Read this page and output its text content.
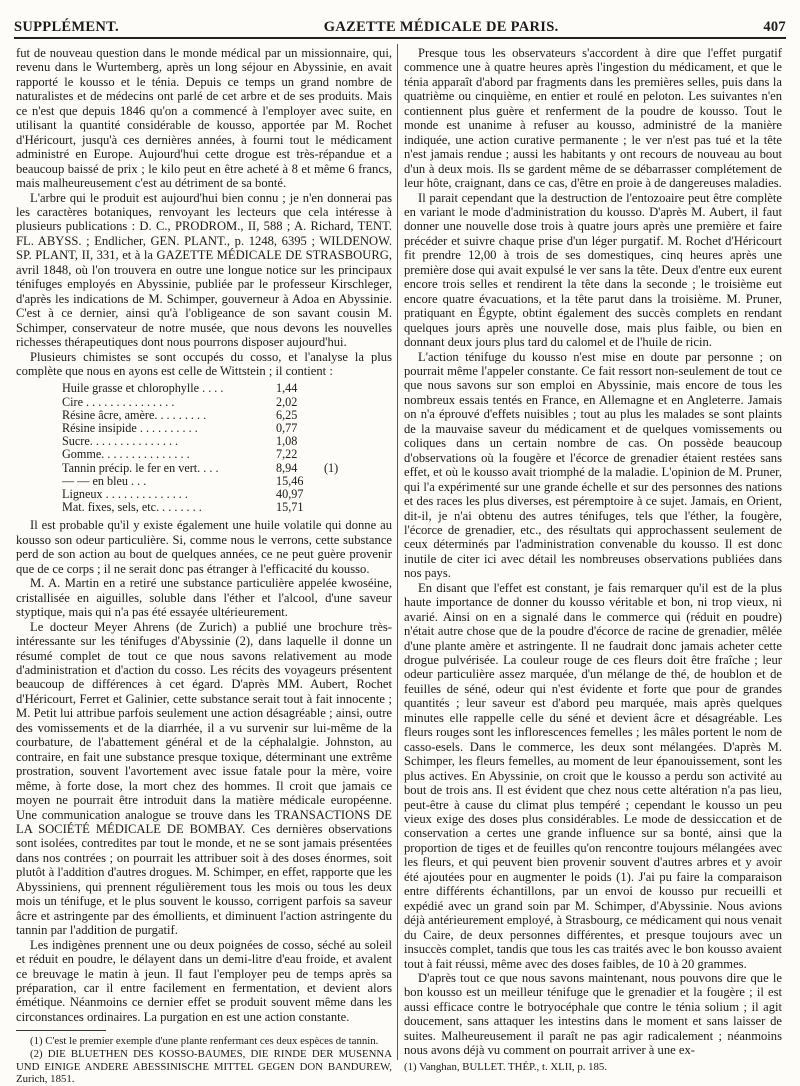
SUPPLÉMENT.	GAZETTE MÉDICALE DE PARIS.	407

fut de nouveau question dans le monde médical par un missionnaire, qui, revenu dans le Wurtemberg, après un long séjour en Abyssinie, en avait rapporté le kousso et le ténia. Depuis ce temps un grand nombre de naturalistes et de médecins ont parlé de cet arbre et de ses produits. Mais ce n'est que depuis 1846 qu'on a commencé à l'employer avec suite, en utilisant la quantité considérable de kousso, apportée par M. Rochet d'Héricourt, jusqu'à ces dernières années, à fourni tout le médicament administré en Europe. Aujourd'hui cette drogue est très-répandue et a beaucoup baissé de prix ; le kilo peut en être acheté à 8 et même 6 francs, mais malheureusement c'est au détriment de sa bonté.

L'arbre qui le produit est aujourd'hui bien connu ; je n'en donnerai pas les caractères botaniques, renvoyant les lecteurs que cela intéresse à plusieurs publications : D. C., PRODROM., II, 588 ; A. Richard, TENT. FL. ABYSS. ; Endlicher, GEN. PLANT., p. 1248, 6395 ; WILDENOW. SP. PLANT, II, 331, et à la GAZETTE MÉDICALE DE STRASBOURG, avril 1848, où l'on trouvera en outre une longue notice sur les principaux ténifuges employés en Abyssinie, publiée par le professeur Kirschleger, d'après les indications de M. Schimper, gouverneur à Adoa en Abyssinie. C'est à ce dernier, ainsi qu'à l'obligeance de son savant cousin M. Schimper, conservateur de notre musée, que nous devons les nouvelles richesses thérapeutiques dont nous pourrons disposer aujourd'hui.

Plusieurs chimistes se sont occupés du cosso, et l'analyse la plus complète que nous en ayons est celle de Wittstein ; il contient :

Huile grasse et chlorophylle . . . .	1,44	
Cire . . . . . . . . . . . . . . .	2,02	
Résine âcre, amère. . . . . . . . .	6,25	
Résine insipide . . . . . . . . . .	0,77	
Sucre. . . . . . . . . . . . . . .	1,08	
Gomme. . . . . . . . . . . . . . .	7,22	
Tannin précip. le fer en vert. . . .	8,94	(1)
— — en bleu . . .	15,46	
Ligneux . . . . . . . . . . . . . .	40,97	
Mat. fixes, sels, etc. . . . . . . .	15,71	

Il est probable qu'il y existe également une huile volatile qui donne au kousso son odeur particulière. Si, comme nous le verrons, cette substance perd de son action au bout de quelques années, ce ne peut guère provenir que de ce corps ; il ne serait donc pas étranger à l'efficacité du kousso.

M. A. Martin en a retiré une substance particulière appelée kwoséine, cristallisée en aiguilles, soluble dans l'éther et l'alcool, d'une saveur styptique, mais qui n'a pas été essayée ultérieurement.

Le docteur Meyer Ahrens (de Zurich) a publié une brochure très-intéressante sur les ténifuges d'Abyssinie (2), dans laquelle il donne un résumé complet de tout ce que nous savons relativement au mode d'administration et d'action du cosso. Les récits des voyageurs présentent beaucoup de différences à cet égard. D'après MM. Aubert, Rochet d'Héricourt, Ferret et Galinier, cette substance serait tout à fait innocente ; M. Petit lui attribue parfois seulement une action désagréable ; ainsi, outre des vomissements et de la diarrhée, il a vu survenir sur lui-même de la courbature, de l'abattement général et de la céphalalgie. Johnston, au contraire, en fait une substance presque toxique, déterminant une extrême prostration, souvent l'avortement avec issue fatale pour la mère, voire même, à forte dose, la mort chez des hommes. Il croit que jamais ce moyen ne pourrait être introduit dans la matière médicale européenne. Une communication analogue se trouve dans les TRANSACTIONS DE LA SOCIÉTÉ MÉDICALE DE BOMBAY. Ces dernières observations sont isolées, contredites par tout le monde, et ne se sont jamais présentées dans nos contrées ; on pourrait les attribuer soit à des doses énormes, soit plutôt à l'addition d'autres drogues. M. Schimper, en effet, rapporte que les Abyssiniens, qui prennent régulièrement tous les mois ou tous les deux mois un ténifuge, et le plus souvent le kousso, corrigent parfois sa saveur âcre et astringente par des émollients, et diminuent l'action astringente du tannin par l'addition de purgatif.

Les indigènes prennent une ou deux poignées de cosso, séché au soleil et réduit en poudre, le délayent dans un demi-litre d'eau froide, et avalent ce breuvage le matin à jeun. Il faut l'employer peu de temps après sa préparation, car il entre facilement en fermentation, et devient alors émétique. Néanmoins ce dernier effet se produit souvent même dans les circonstances ordinaires. La purgation en est une action constante.

(1) C'est le premier exemple d'une plante renfermant ces deux espèces de tannin.

(2) DIE BLUETHEN DES KOSSO-BAUMES, DIE RINDE DER MUSENNA UND EINIGE ANDERE ABESSINISCHE MITTEL GEGEN DON BANDUREW, Zurich, 1851.

Presque tous les observateurs s'accordent à dire que l'effet purgatif commence une à quatre heures après l'ingestion du médicament, et que le ténia apparaît d'abord par fragments dans les premières selles, puis dans la quatrième ou cinquième, en entier et roulé en peloton. Les suivantes n'en contiennent plus guère et renferment de la poudre de kousso. Tout le monde est unanime à refuser au kousso, administré de la manière indiquée, une action curative permanente ; le ver n'est pas tué et la tête n'est jamais rendue ; aussi les habitants y ont recours de nouveau au bout d'un à deux mois. Ils se gardent même de se débarrasser complétement de leur hôte, craignant, dans ce cas, d'être en proie à de dangereuses maladies.

Il parait cependant que la destruction de l'entozoaire peut être complète en variant le mode d'administration du kousso. D'après M. Aubert, il faut donner une nouvelle dose trois à quatre jours après une première et faire précéder et suivre chaque prise d'un léger purgatif. M. Rochet d'Héricourt fit prendre 12,00 à trois de ses domestiques, cinq heures après une première dose qui avait expulsé le ver sans la tête. Deux d'entre eux eurent encore trois selles et rendirent la tête dans la seconde ; le troisième eut encore quatre évacuations, et la tête parut dans la troisième. M. Pruner, pratiquant en Égypte, obtint également des succès complets en rendant quelques jours après une nouvelle dose, mais plus faible, ou bien en donnant deux jours plus tard du calomel et de l'huile de ricin.

L'action ténifuge du kousso n'est mise en doute par personne ; on pourrait même l'appeler constante. Ce fait ressort non-seulement de tout ce que nous savons sur son emploi en Abyssinie, mais encore de tous les nombreux essais tentés en France, en Allemagne et en Angleterre. Jamais on n'a éprouvé d'effets nuisibles ; tout au plus les malades se sont plaints de la mauvaise saveur du médicament et de quelques vomissements ou coliques dans un certain nombre de cas. On possède beaucoup d'observations où la fougère et l'écorce de grenadier étaient restées sans effet, et où le kousso avait triomphé de la maladie. L'opinion de M. Pruner, qui l'a expérimenté sur une grande échelle et sur des personnes des nations et des races les plus diverses, est péremptoire à ce sujet. Jamais, en Orient, dit-il, je n'ai obtenu des autres ténifuges, tels que l'éther, la fougère, l'écorce de grenadier, etc., des résultats qui approchassent seulement de ceux déterminés par l'administration convenable du kousso. Il est donc inutile de citer ici avec détail les nombreuses observations publiées dans nos pays.

En disant que l'effet est constant, je fais remarquer qu'il est de la plus haute importance de donner du kousso véritable et bon, ni trop vieux, ni avarié. Ainsi on en a signalé dans le commerce qui (réduit en poudre) n'était autre chose que de la poudre d'écorce de racine de grenadier, mêlée d'une plante amère et astringente. Il ne faudrait donc jamais acheter cette drogue pulvérisée. La couleur rouge de ces fleurs doit être fraîche ; leur odeur particulière assez marquée, d'un mélange de thé, de houblon et de feuilles de séné, odeur qui n'est évidente et forte que pour de grandes quantités ; leur saveur est d'abord peu marquée, mais après quelques minutes elle rappelle celle du séné et devient âcre et désagréable. Les fleurs rouges sont les inflorescences femelles ; les mâles portent le nom de casso-esels. Dans le commerce, les deux sont mélangées. D'après M. Schimper, les fleurs femelles, au moment de leur épanouissement, sont les plus actives. En Abyssinie, on croit que le kousso a perdu son activité au bout de trois ans. Il est évident que chez nous cette altération n'a pas lieu, peut-être à cause du climat plus tempéré ; cependant le kousso un peu vieux exige des doses plus considérables. Le mode de dessiccation et de conservation a certes une grande influence sur sa bonté, ainsi que la proportion de tiges et de feuilles qu'on rencontre toujours mélangées avec les fleurs, et qui peuvent bien provenir souvent d'autres arbres et y avoir été ajoutées pour en augmenter le poids (1). J'ai pu faire la comparaison entre différents échantillons, par un envoi de kousso pur recueilli et expédié avec un grand soin par M. Schimper, d'Abyssinie. Nous avions déjà antérieurement employé, à Strasbourg, ce médicament qui nous venait du Caire, de deux personnes différentes, et presque toujours avec un insuccès complet, tandis que tous les cas traités avec le bon kousso avaient tout à fait réussi, même avec des doses faibles, de 10 à 20 grammes.

D'après tout ce que nous savons maintenant, nous pouvons dire que le bon kousso est un meilleur ténifuge que le grenadier et la fougère ; il est aussi efficace contre le botryocéphale que contre le ténia solium ; il agit doucement, sans attaquer les intestins dans le moment et sans laisser de suites. Malheureusement il paraît ne pas agir radicalement ; néanmoins nous avons déjà vu comment on pourrait arriver à une ex-

(1) Vanghan, BULLET. THÉP., t. XLII, p. 185.
